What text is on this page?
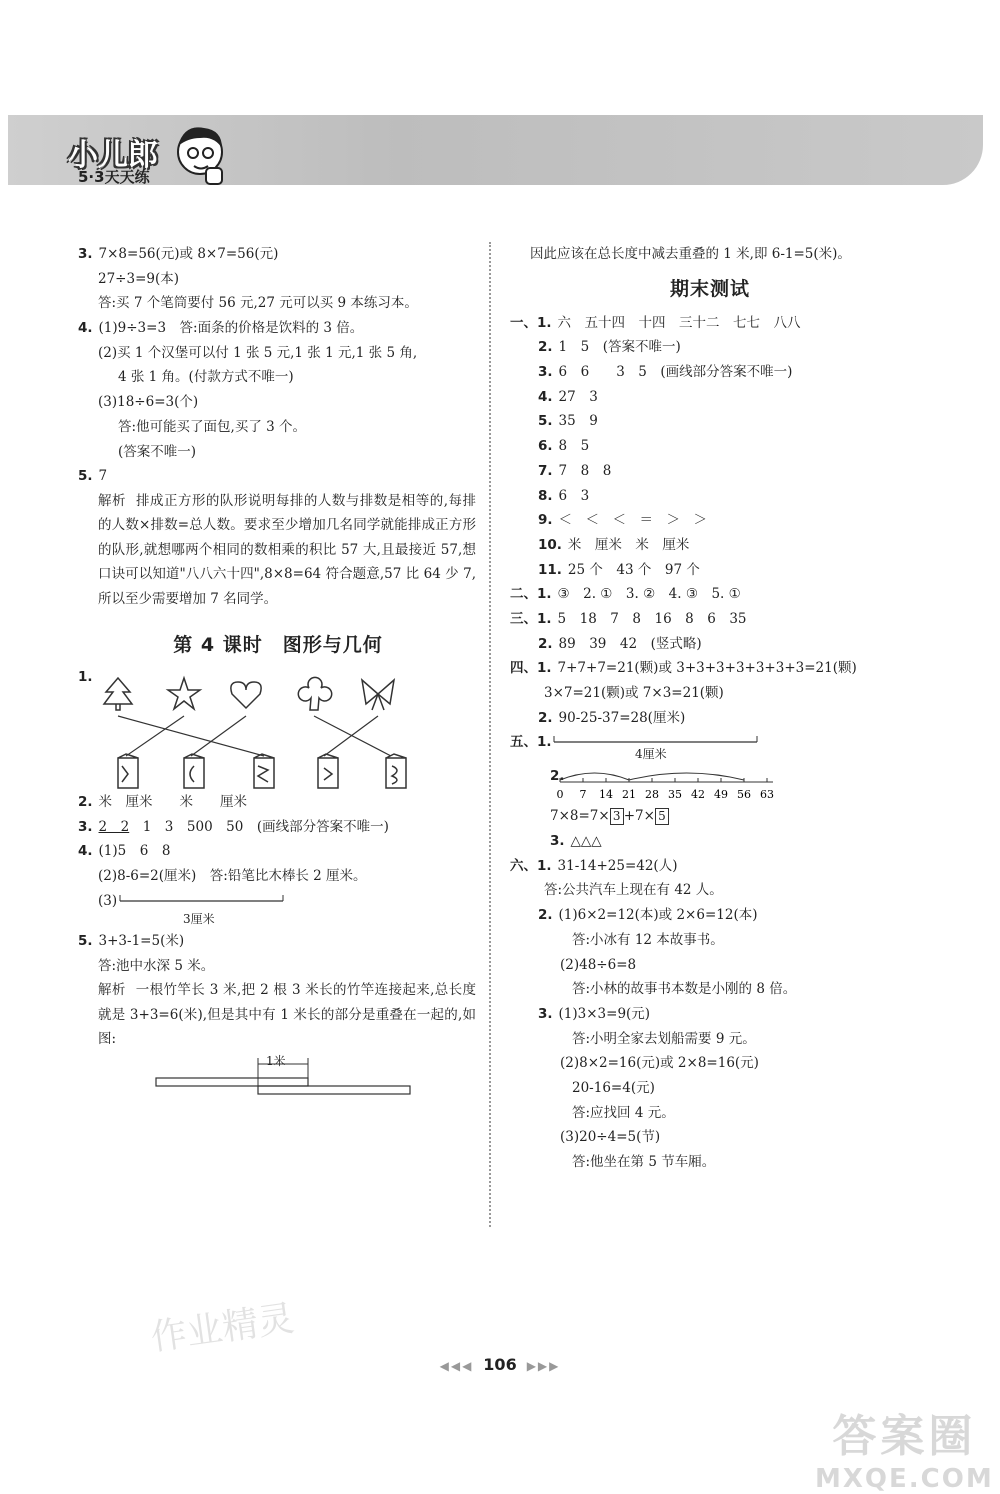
小儿郎
5·3天天练
3. 7×8=56(元)或 8×7=56(元)
27÷3=9(本)
答:买 7 个笔筒要付 56 元,27 元可以买 9 本练习本。
4. (1)9÷3=3　答:面条的价格是饮料的 3 倍。
(2)买 1 个汉堡可以付 1 张 5 元,1 张 1 元,1 张 5 角,
4 张 1 角。(付款方式不唯一)
(3)18÷6=3(个)
答:他可能买了面包,买了 3 个。
(答案不唯一)
5. 7
解析 排成正方形的队形说明每排的人数与排数是相等的,每排的人数×排数=总人数。要求至少增加几名同学就能排成正方形的队形,就想哪两个相同的数相乘的积比 57 大,且最接近 57,想口诀可以知道"八八六十四",8×8=64 符合题意,57 比 64 少 7,所以至少需要增加 7 名同学。
第 4 课时　图形与几何
1.
2. 米　厘米　　米　　厘米
3. 2　2　1　3　500　50　(画线部分答案不唯一)
4. (1)5　6　8
(2)8-6=2(厘米)　答:铅笔比木棒长 2 厘米。
(3)
3厘米
5. 3+3-1=5(米)
答:池中水深 5 米。
解析 一根竹竿长 3 米,把 2 根 3 米长的竹竿连接起来,总长度就是 3+3=6(米),但是其中有 1 米长的部分是重叠在一起的,如图:
1米
因此应该在总长度中减去重叠的 1 米,即 6-1=5(米)。
期末测试
一、1. 六　五十四　十四　三十二　七七　八八
2. 1　5　(答案不唯一)
3. 6　6　　3　5　(画线部分答案不唯一)
4. 27　3
5. 35　9
6. 8　5
7. 7　8　8
8. 6　3
9. ＜　＜　＜　＝　＞　＞
10. 米　厘米　米　厘米
11. 25 个　43 个　97 个
二、1. ③　2. ①　3. ②　4. ③　5. ①
三、1. 5　18　7　8　16　8　6　35
2. 89　39　42　(竖式略)
四、1. 7+7+7=21(颗)或 3+3+3+3+3+3+3=21(颗)
3×7=21(颗)或 7×3=21(颗)
2. 90-25-37=28(厘米)
五、1.
4厘米
2.
0 7 14 21 28 35 42 49 56 63
7×8=7× 3 +7× 5
3. △△△
六、1. 31-14+25=42(人)
答:公共汽车上现在有 42 人。
2. (1)6×2=12(本)或 2×6=12(本)
答:小冰有 12 本故事书。
(2)48÷6=8
答:小林的故事书本数是小刚的 8 倍。
3. (1)3×3=9(元)
答:小明全家去划船需要 9 元。
(2)8×2=16(元)或 2×8=16(元)
20-16=4(元)
答:应找回 4 元。
(3)20÷4=5(节)
答:他坐在第 5 节车厢。
作业精灵
答案圈
MXQE.COM
◀◀◀ 106 ▶▶▶
